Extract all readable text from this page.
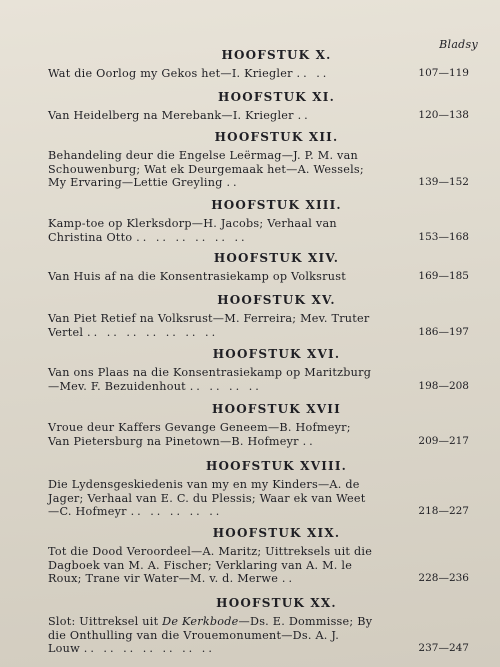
Bladsy
HOOFSTUK X.
Wat die Oorlog my Gekos het—I. Kriegler .. ..	107—119
HOOFSTUK XI.
Van Heidelberg na Merebank—I. Kriegler ..	120—138
HOOFSTUK XII.
Behandeling deur die Engelse Leërmag—J. P. M. van Schouwenburg; Wat ek Deurgemaak het—A. Wessels; My Ervaring—Lettie Greyling ..	139—152
HOOFSTUK XIII.
Kamp-toe op Klerksdorp—H. Jacobs; Verhaal van Christina Otto .. .. .. .. .. ..	153—168
HOOFSTUK XIV.
Van Huis af na die Konsentrasiekamp op Volksrust	169—185
HOOFSTUK XV.
Van Piet Retief na Volksrust—M. Ferreira; Mev. Truter Vertel .. .. .. .. .. .. ..	186—197
HOOFSTUK XVI.
Van ons Plaas na die Konsentrasiekamp op Maritzburg —Mev. F. Bezuidenhout .. .. .. ..	198—208
HOOFSTUK XVII
Vroue deur Kaffers Gevange Geneem—B. Hofmeyr; Van Pietersburg na Pinetown—B. Hofmeyr ..	209—217
HOOFSTUK XVIII.
Die Lydensgeskiedenis van my en my Kinders—A. de Jager; Verhaal van E. C. du Plessis; Waar ek van Weet—C. Hofmeyr .. .. .. .. ..	218—227
HOOFSTUK XIX.
Tot die Dood Veroordeel—A. Maritz; Uittreksels uit die Dagboek van M. A. Fischer; Verklaring van A. M. le Roux; Trane vir Water—M. v. d. Merwe ..	228—236
HOOFSTUK XX.
Slot: Uittreksel uit De Kerkbode—Ds. E. Dommisse; By die Onthulling van die Vrouemonument—Ds. A. J. Louw .. .. .. .. .. .. ..	237—247
